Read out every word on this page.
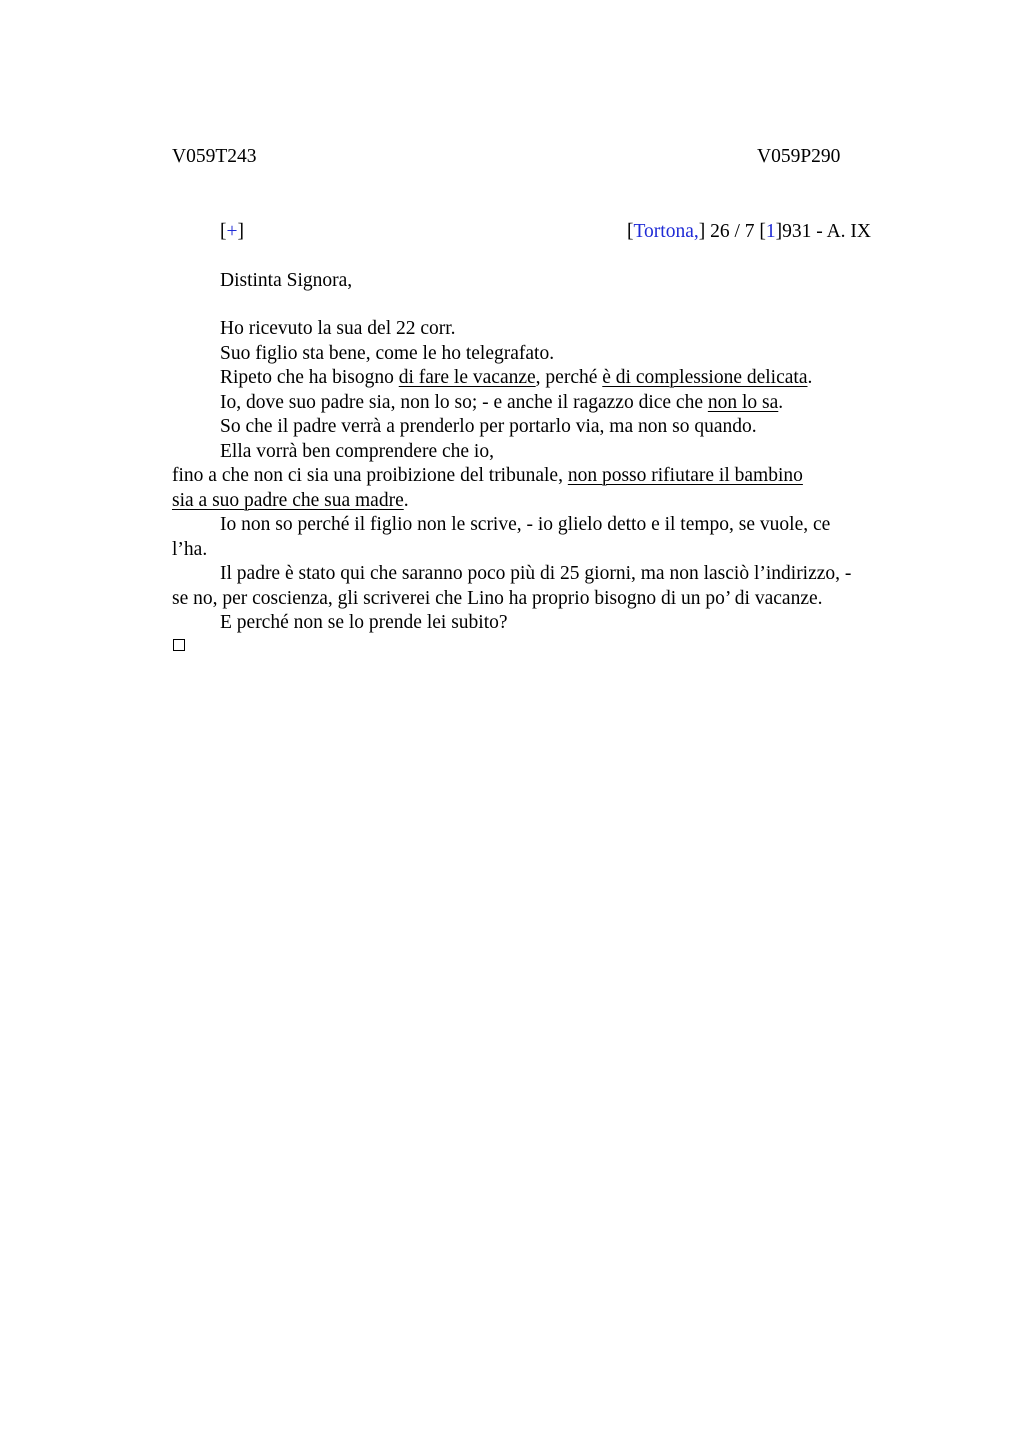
V059T243	V059P290
[+]	[Tortona,] 26 / 7 [1]931 - A. IX
Distinta Signora,
Ho ricevuto la sua del 22 corr.
Suo figlio sta bene, come le ho telegrafato.
Ripeto che ha bisogno di fare le vacanze, perché è di complessione delicata.
Io, dove suo padre sia, non lo so; - e anche il ragazzo dice che non lo sa.
So che il padre verrà a prenderlo per portarlo via, ma non so quando.
Ella vorrà ben comprendere che io,
fino a che non ci sia una proibizione del tribunale, non posso rifiutare il bambino
sia a suo padre che sua madre.
Io non so perché il figlio non le scrive, - io glielo detto e il tempo, se vuole, ce
l’ha.
Il padre è stato qui che saranno poco più di 25 giorni, ma non lasciò l’indirizzo, -
se no, per coscienza, gli scriverei che Lino ha proprio bisogno di un po’ di vacanze.
E perché non se lo prende lei subito?
